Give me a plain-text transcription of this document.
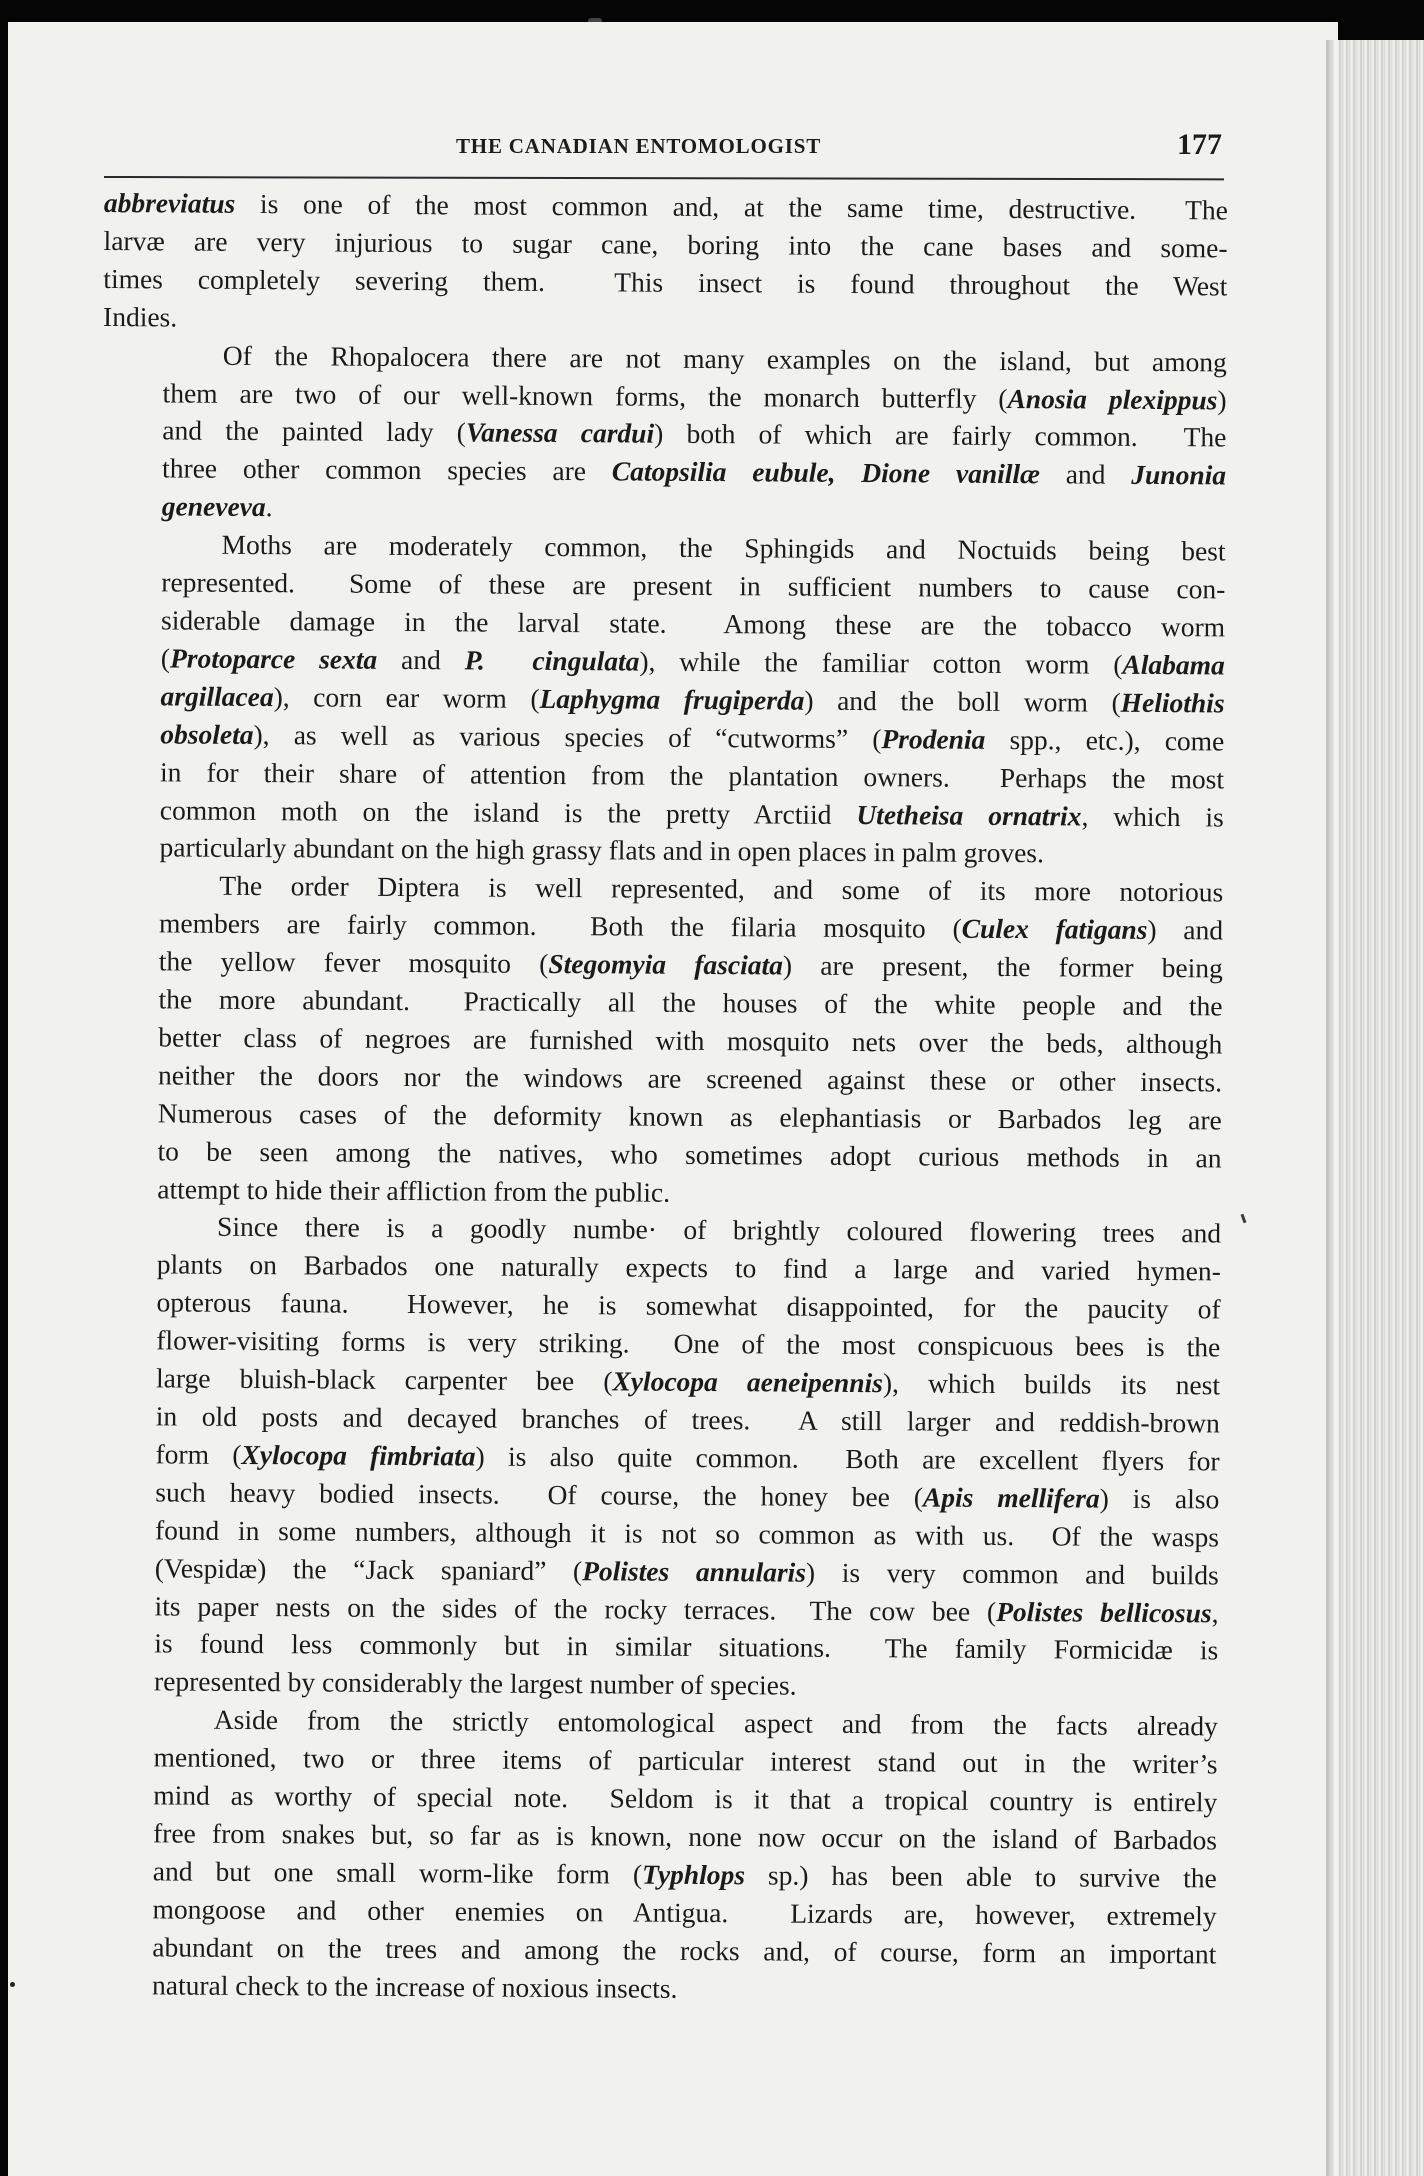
THE CANADIAN ENTOMOLOGIST	177

abbreviatus is one of the most common and, at the same time, destructive.  The
larvæ are very injurious to sugar cane, boring into the cane bases and some-
times completely severing them.  This insect is found throughout the West
Indies.

Of the Rhopalocera there are not many examples on the island, but among
them are two of our well-known forms, the monarch butterfly (Anosia plexippus)
and the painted lady (Vanessa cardui) both of which are fairly common.  The
three other common species are Catopsilia eubule, Dione vanillæ and Junonia
geneveva.

Moths are moderately common, the Sphingids and Noctuids being best
represented.  Some of these are present in sufficient numbers to cause con-
siderable damage in the larval state.  Among these are the tobacco worm
(Protoparce sexta and P.  cingulata), while the familiar cotton worm (Alabama
argillacea), corn ear worm (Laphygma frugiperda) and the boll worm (Heliothis
obsoleta), as well as various species of “cutworms” (Prodenia spp., etc.), come
in for their share of attention from the plantation owners.  Perhaps the most
common moth on the island is the pretty Arctiid Utetheisa ornatrix, which is
particularly abundant on the high grassy flats and in open places in palm groves.

The order Diptera is well represented, and some of its more notorious
members are fairly common.  Both the filaria mosquito (Culex fatigans) and
the yellow fever mosquito (Stegomyia fasciata) are present, the former being
the more abundant.  Practically all the houses of the white people and the
better class of negroes are furnished with mosquito nets over the beds, although
neither the doors nor the windows are screened against these or other insects.
Numerous cases of the deformity known as elephantiasis or Barbados leg are
to be seen among the natives, who sometimes adopt curious methods in an
attempt to hide their affliction from the public.

Since there is a goodly numbe· of brightly coloured flowering trees and
plants on Barbados one naturally expects to find a large and varied hymen-
opterous fauna.  However, he is somewhat disappointed, for the paucity of
flower-visiting forms is very striking.  One of the most conspicuous bees is the
large bluish-black carpenter bee (Xylocopa aeneipennis), which builds its nest
in old posts and decayed branches of trees.  A still larger and reddish-brown
form (Xylocopa fimbriata) is also quite common.  Both are excellent flyers for
such heavy bodied insects.  Of course, the honey bee (Apis mellifera) is also
found in some numbers, although it is not so common as with us.  Of the wasps
(Vespidæ) the “Jack spaniard” (Polistes annularis) is very common and builds
its paper nests on the sides of the rocky terraces.  The cow bee (Polistes bellicosus,
is found less commonly but in similar situations.  The family Formicidæ is
represented by considerably the largest number of species.

Aside from the strictly entomological aspect and from the facts already
mentioned, two or three items of particular interest stand out in the writer’s
mind as worthy of special note.  Seldom is it that a tropical country is entirely
free from snakes but, so far as is known, none now occur on the island of Barbados
and but one small worm-like form (Typhlops sp.) has been able to survive the
mongoose and other enemies on Antigua.  Lizards are, however, extremely
abundant on the trees and among the rocks and, of course, form an important
natural check to the increase of noxious insects.
